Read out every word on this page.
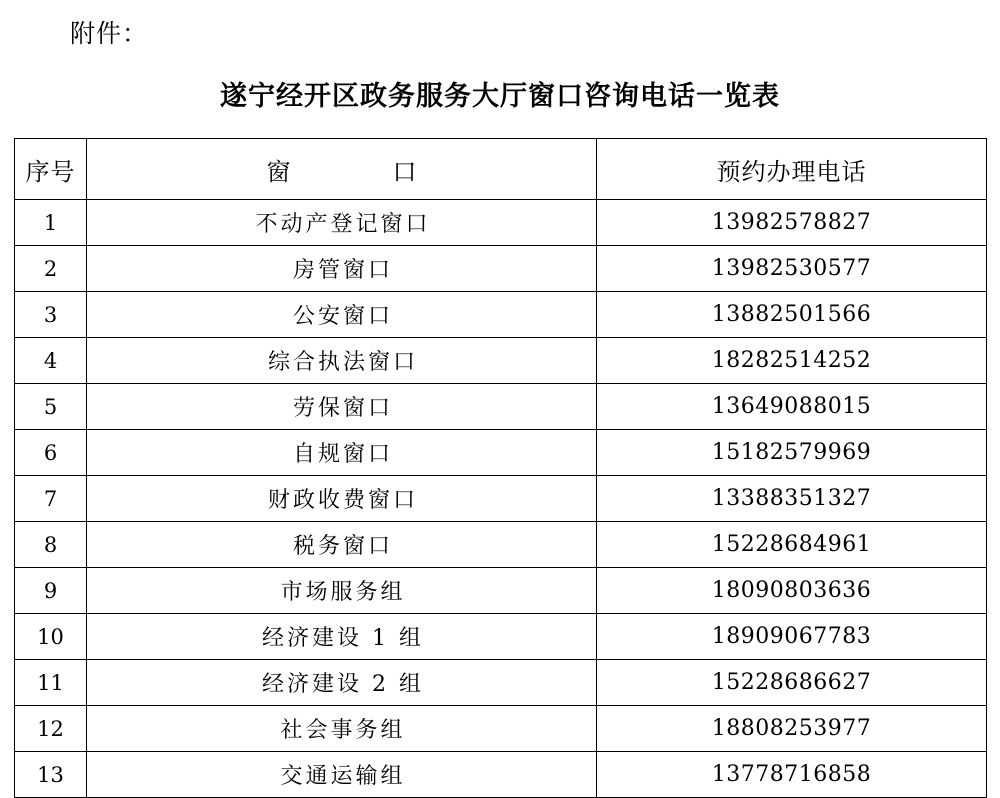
附件：
遂宁经开区政务服务大厅窗口咨询电话一览表
序号	窗　　口	预约办理电话
1	不动产登记窗口	13982578827
2	房管窗口	13982530577
3	公安窗口	13882501566
4	综合执法窗口	18282514252
5	劳保窗口	13649088015
6	自规窗口	15182579969
7	财政收费窗口	13388351327
8	税务窗口	15228684961
9	市场服务组	18090803636
10	经济建设 1 组	18909067783
11	经济建设 2 组	15228686627
12	社会事务组	18808253977
13	交通运输组	13778716858
